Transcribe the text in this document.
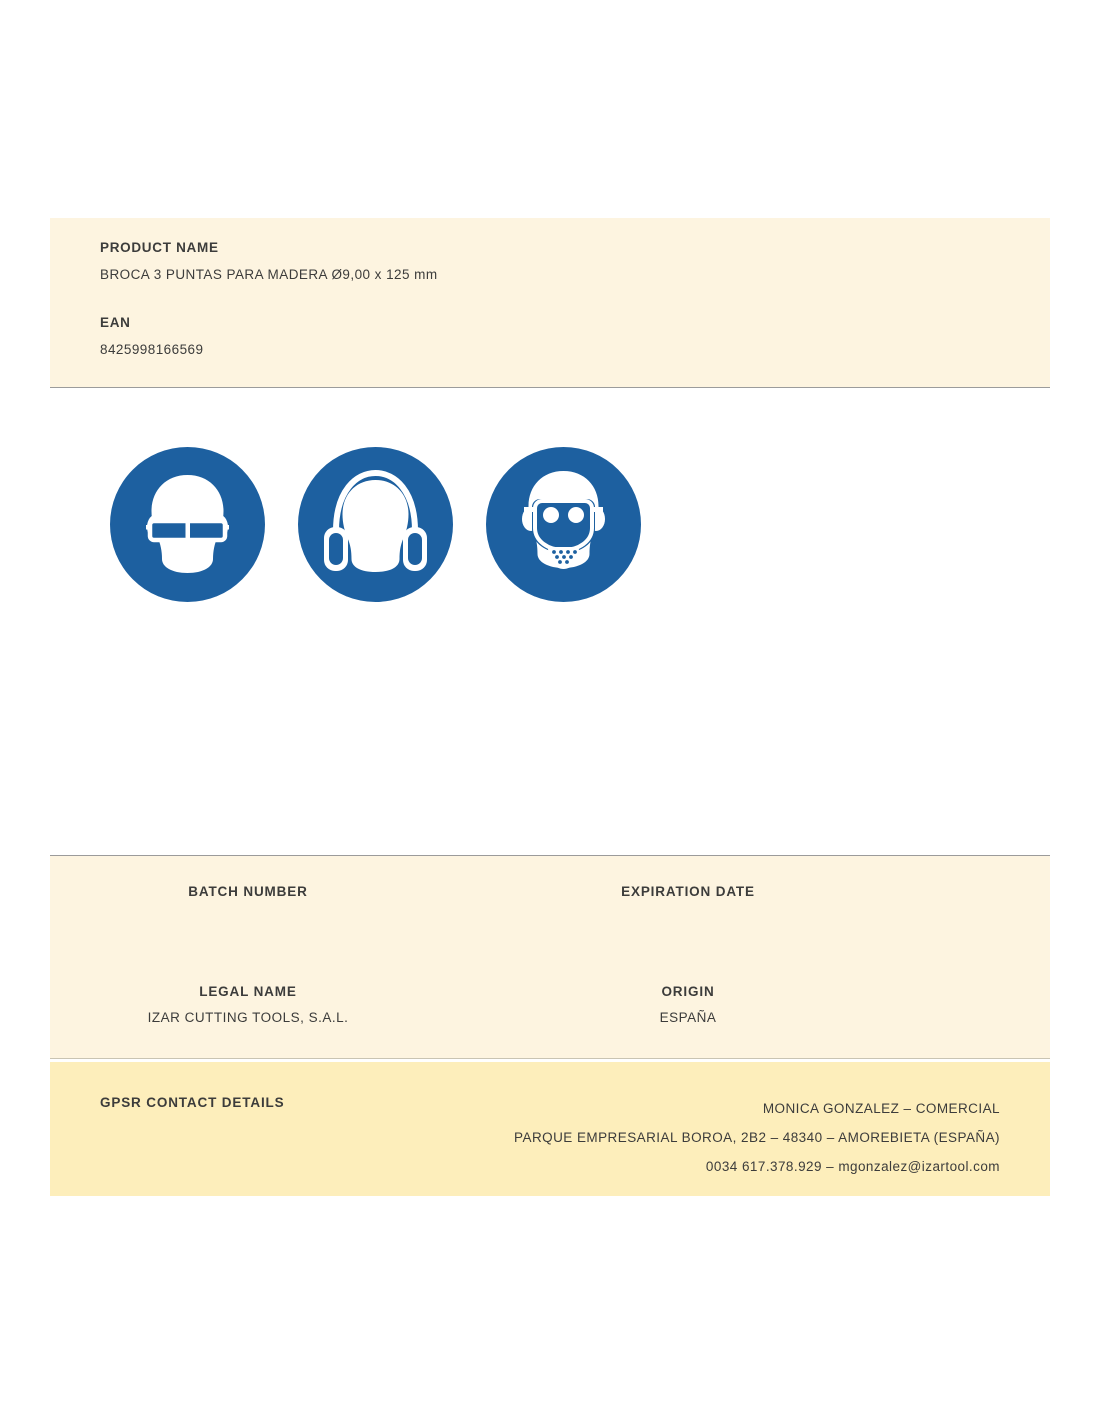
PRODUCT NAME

BROCA 3 PUNTAS PARA MADERA Ø9,00 x 125 mm

EAN

8425998166569

BATCH NUMBER	EXPIRATION DATE

LEGAL NAME

IZAR CUTTING TOOLS, S.A.L.

ORIGIN

ESPAÑA

GPSR CONTACT DETAILS	MONICA GONZALEZ – COMERCIAL
PARQUE EMPRESARIAL BOROA, 2B2 – 48340 – AMOREBIETA (ESPAÑA)
0034 617.378.929 – mgonzalez@izartool.com
